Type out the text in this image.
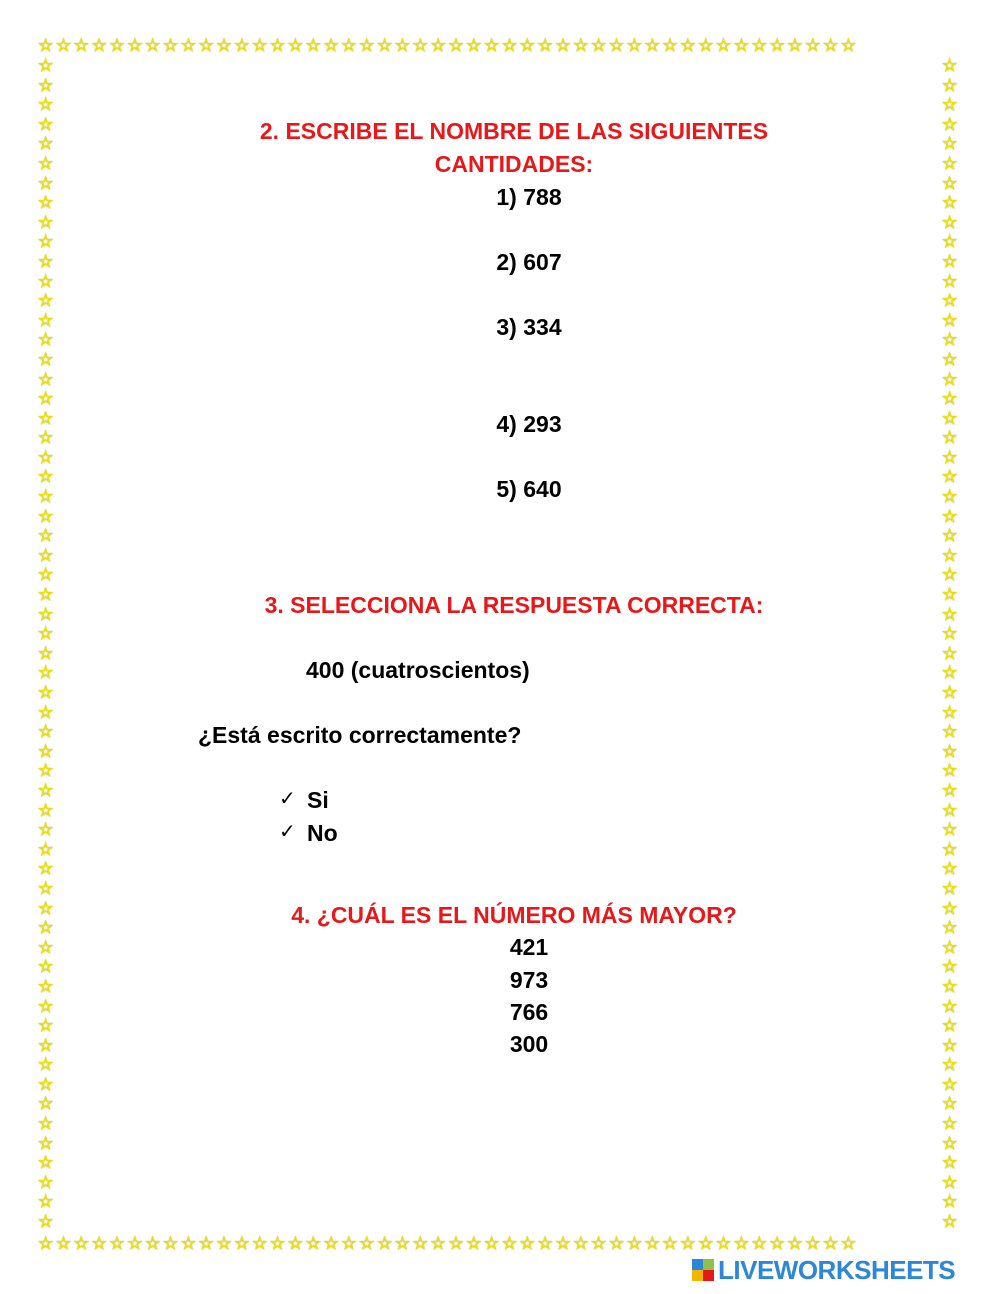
☆☆☆☆☆☆☆☆☆☆☆☆☆☆☆☆☆☆☆☆☆☆☆☆☆☆☆☆☆☆☆☆☆☆☆☆☆☆☆☆☆☆☆☆☆☆
☆☆☆☆☆☆☆☆☆☆☆☆☆☆☆☆☆☆☆☆☆☆☆☆☆☆☆☆☆☆☆☆☆☆☆☆☆☆☆☆☆☆☆☆☆☆☆☆☆☆☆☆☆☆☆☆☆☆☆☆
☆☆☆☆☆☆☆☆☆☆☆☆☆☆☆☆☆☆☆☆☆☆☆☆☆☆☆☆☆☆☆☆☆☆☆☆☆☆☆☆☆☆☆☆☆☆☆☆☆☆☆☆☆☆☆☆☆☆☆☆
☆☆☆☆☆☆☆☆☆☆☆☆☆☆☆☆☆☆☆☆☆☆☆☆☆☆☆☆☆☆☆☆☆☆☆☆☆☆☆☆☆☆☆☆☆☆
2. ESCRIBE EL NOMBRE DE LAS SIGUIENTES
CANTIDADES:
1) 788
2) 607
3) 334
4) 293
5) 640
3. SELECCIONA LA RESPUESTA CORRECTA:
400 (cuatroscientos)
¿Está escrito correctamente?
✓ Si
✓ No
4. ¿CUÁL ES EL NÚMERO MÁS MAYOR?
421
973
766
300
LIVEWORKSHEETS
